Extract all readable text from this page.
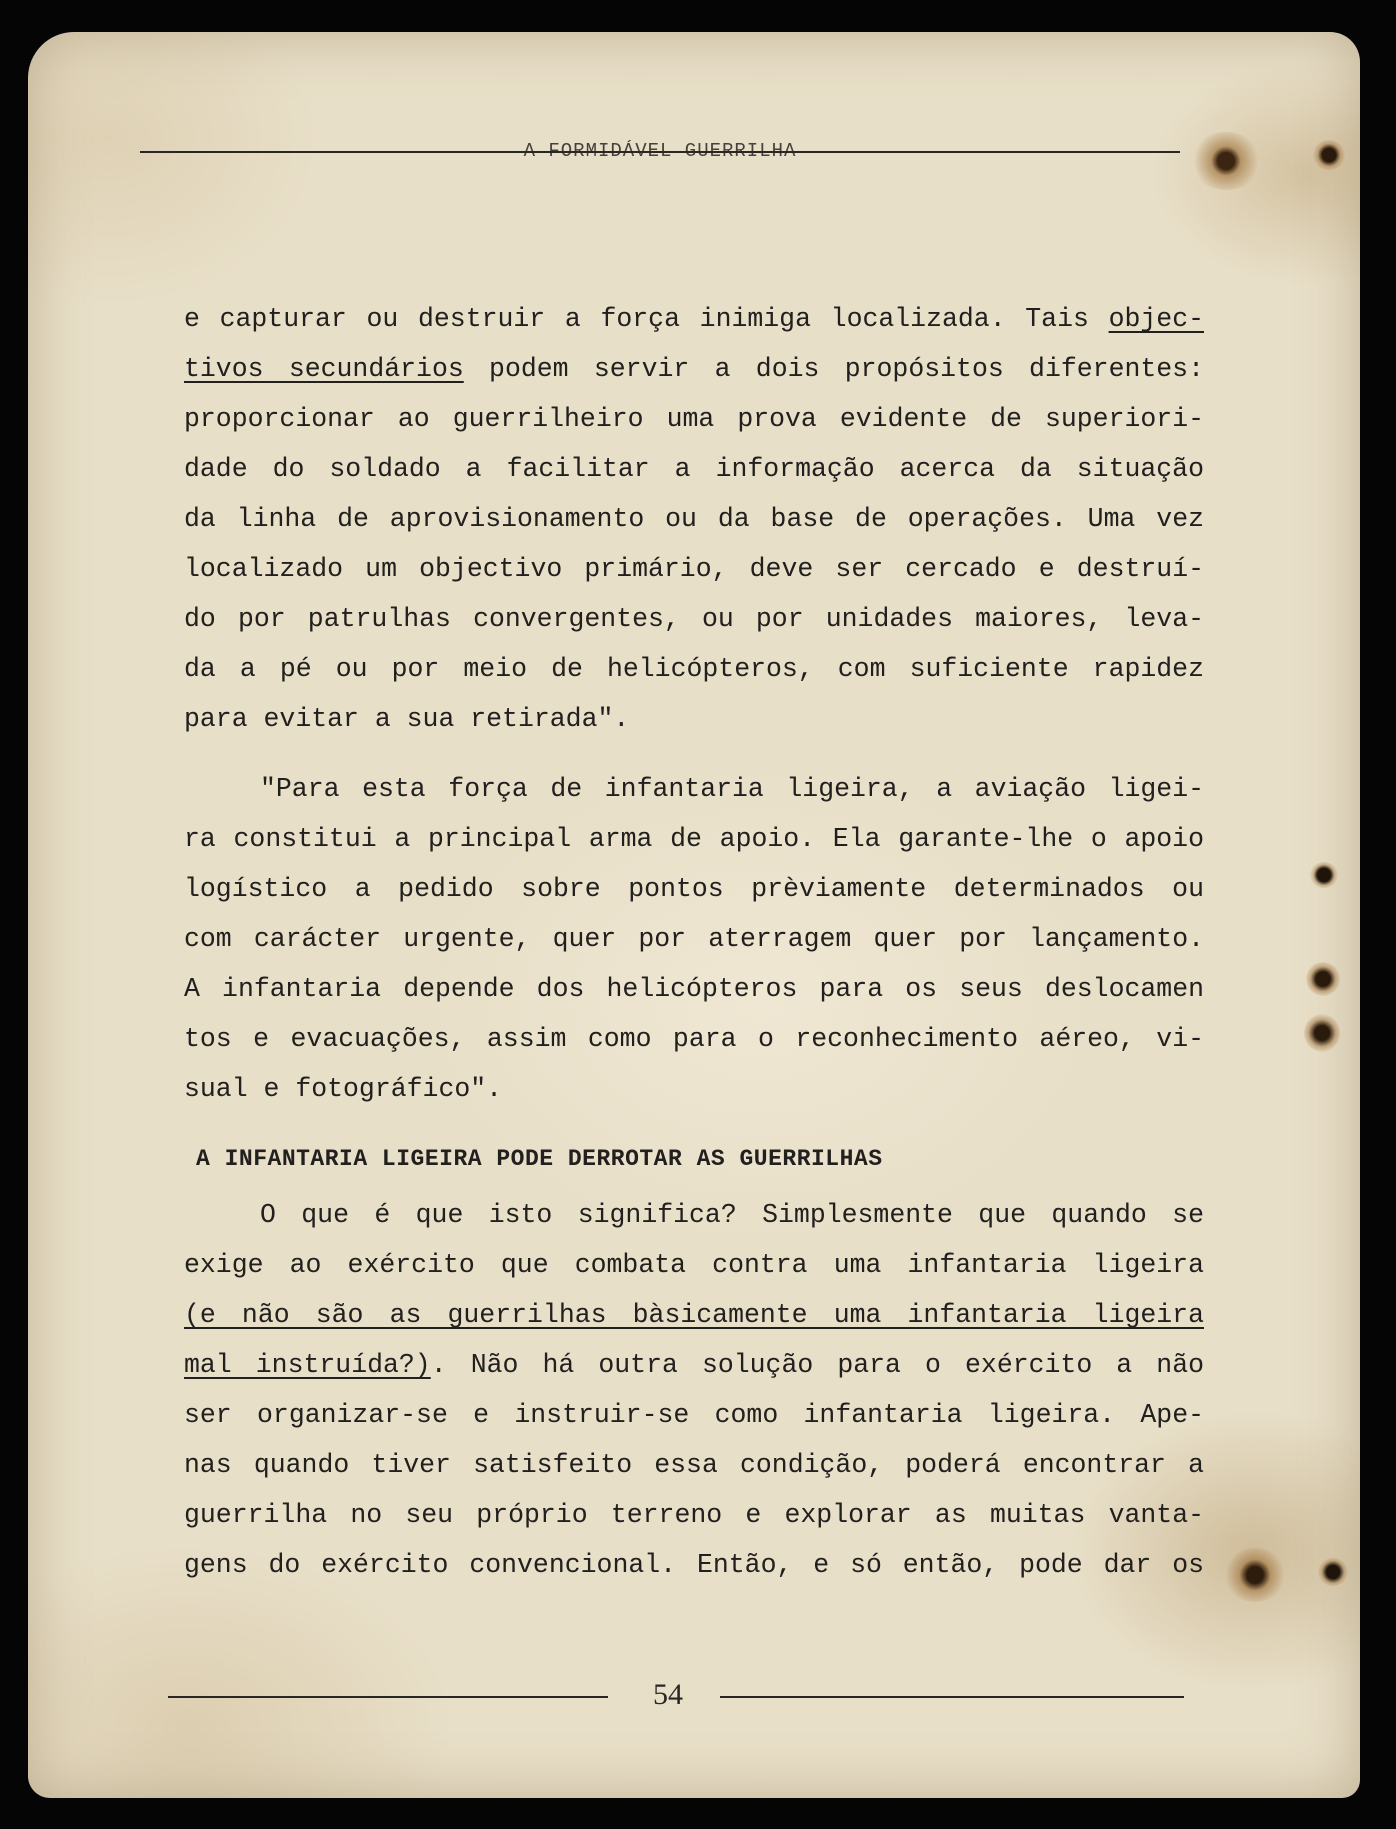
A FORMIDÁVEL GUERRILHA
e capturar ou destruir a força inimiga localizada. Tais objec-
tivos secundários podem servir a dois propósitos diferentes:
proporcionar ao guerrilheiro uma prova evidente de superiori-
dade do soldado a facilitar a informação acerca da situação
da linha de aprovisionamento ou da base de operações. Uma vez
localizado um objectivo primário, deve ser cercado e destruí-
do por patrulhas convergentes, ou por unidades maiores, leva-
da a pé ou por meio de helicópteros, com suficiente rapidez
para evitar a sua retirada".
"Para esta força de infantaria ligeira, a aviação ligei-
ra constitui a principal arma de apoio. Ela garante-lhe o apoio
logístico a pedido sobre pontos prèviamente determinados ou
com carácter urgente, quer por aterragem quer por lançamento.
A infantaria depende dos helicópteros para os seus deslocamen
tos e evacuações, assim como para o reconhecimento aéreo, vi-
sual e fotográfico".
A INFANTARIA LIGEIRA PODE DERROTAR AS GUERRILHAS
O que é que isto significa? Simplesmente que quando se
exige ao exército que combata contra uma infantaria ligeira
(e não são as guerrilhas bàsicamente uma infantaria ligeira
mal instruída?). Não há outra solução para o exército a não
ser organizar-se e instruir-se como infantaria ligeira. Ape-
nas quando tiver satisfeito essa condição, poderá encontrar a
guerrilha no seu próprio terreno e explorar as muitas vanta-
gens do exército convencional. Então, e só então, pode dar os
54
